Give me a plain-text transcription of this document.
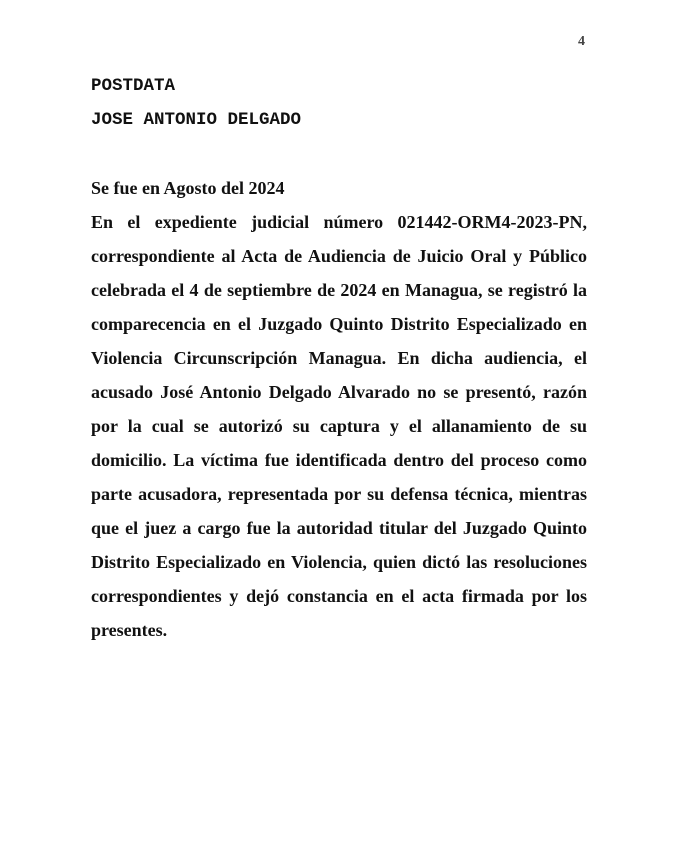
4
POSTDATA
JOSE ANTONIO DELGADO
Se fue en Agosto del 2024

En el expediente judicial número 021442-ORM4-2023-PN, correspondiente al Acta de Audiencia de Juicio Oral y Público celebrada el 4 de septiembre de 2024 en Managua, se registró la comparecencia en el Juzgado Quinto Distrito Especializado en Violencia Circunscripción Managua. En dicha audiencia, el acusado José Antonio Delgado Alvarado no se presentó, razón por la cual se autorizó su captura y el allanamiento de su domicilio. La víctima fue identificada dentro del proceso como parte acusadora, representada por su defensa técnica, mientras que el juez a cargo fue la autoridad titular del Juzgado Quinto Distrito Especializado en Violencia, quien dictó las resoluciones correspondientes y dejó constancia en el acta firmada por los presentes.
